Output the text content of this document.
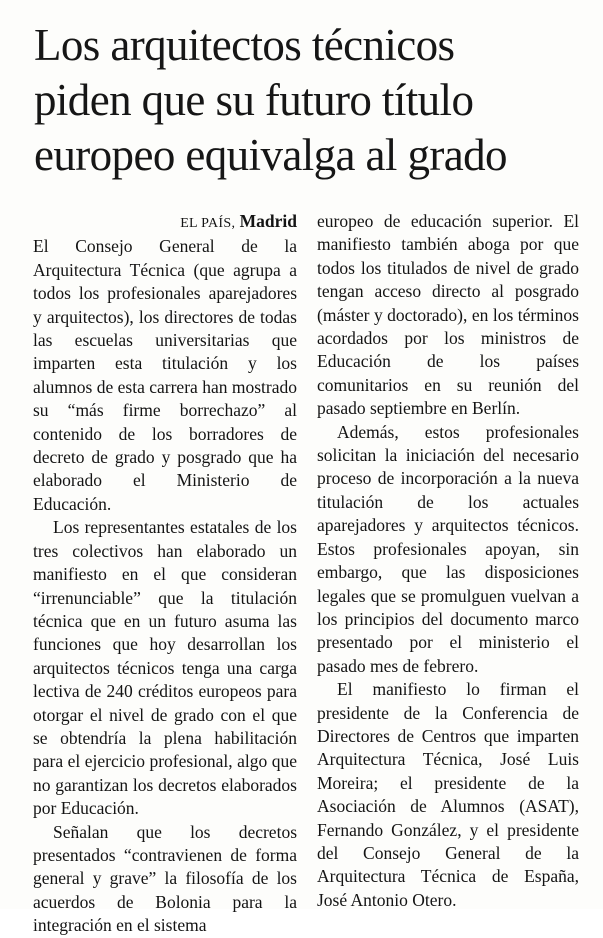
Los arquitectos técnicos
piden que su futuro título
europeo equivalga al grado

EL PAÍS, Madrid

El Consejo General de la Arquitectura Técnica (que agrupa a todos los profesionales aparejadores y arquitectos), los directores de todas las escuelas universitarias que imparten esta titulación y los alumnos de esta carrera han mostrado su “más firme borrechazo” al contenido de los borradores de decreto de grado y posgrado que ha elaborado el Ministerio de Educación.

Los representantes estatales de los tres colectivos han elaborado un manifiesto en el que consideran “irrenunciable” que la titulación técnica que en un futuro asuma las funciones que hoy desarrollan los arquitectos técnicos tenga una carga lectiva de 240 créditos europeos para otorgar el nivel de grado con el que se obtendría la plena habilitación para el ejercicio profesional, algo que no garantizan los decretos elaborados por Educación.

Señalan que los decretos presentados “contravienen de forma general y grave” la filosofía de los acuerdos de Bolonia para la integración en el sistema

europeo de educación superior. El manifiesto también aboga por que todos los titulados de nivel de grado tengan acceso directo al posgrado (máster y doctorado), en los términos acordados por los ministros de Educación de los países comunitarios en su reunión del pasado septiembre en Berlín.

Además, estos profesionales solicitan la iniciación del necesario proceso de incorporación a la nueva titulación de los actuales aparejadores y arquitectos técnicos. Estos profesionales apoyan, sin embargo, que las disposiciones legales que se promulguen vuelvan a los principios del documento marco presentado por el ministerio el pasado mes de febrero.

El manifiesto lo firman el presidente de la Conferencia de Directores de Centros que imparten Arquitectura Técnica, José Luis Moreira; el presidente de la Asociación de Alumnos (ASAT), Fernando González, y el presidente del Consejo General de la Arquitectura Técnica de España, José Antonio Otero.
